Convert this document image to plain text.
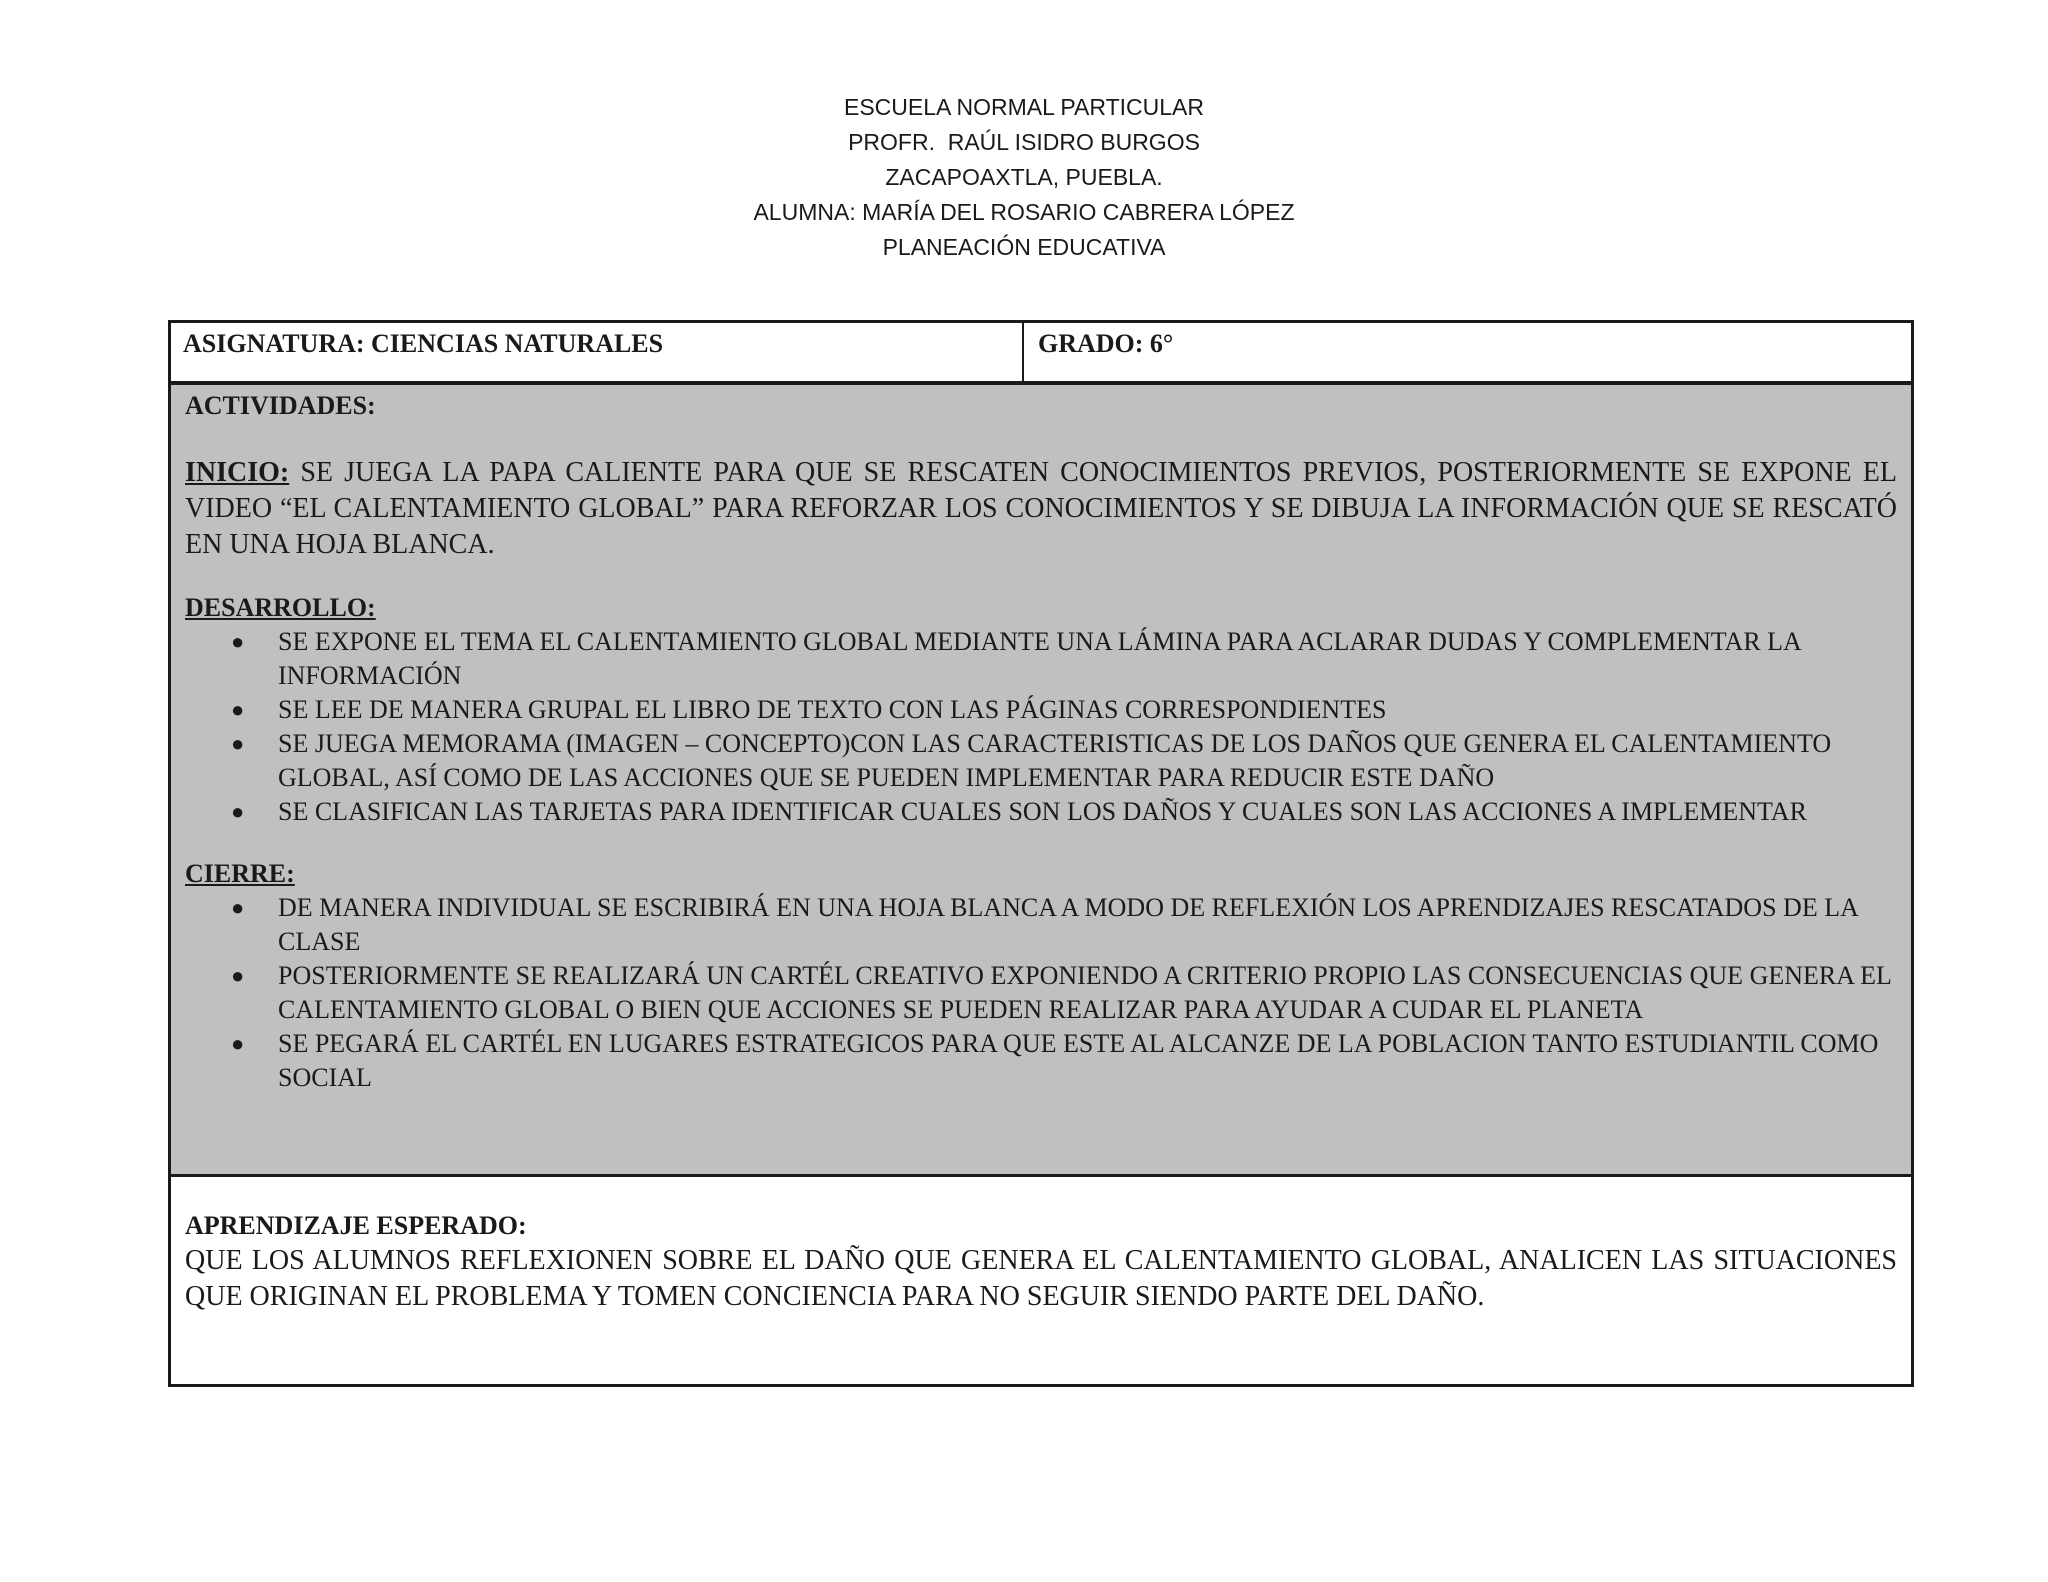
ESCUELA NORMAL PARTICULAR
PROFR.  RAÚL ISIDRO BURGOS
ZACAPOAXTLA, PUEBLA.
ALUMNA: MARÍA DEL ROSARIO CABRERA LÓPEZ
PLANEACIÓN EDUCATIVA
ASIGNATURA: CIENCIAS NATURALES	GRADO: 6°
ACTIVIDADES:
INICIO: SE JUEGA LA PAPA CALIENTE PARA QUE SE RESCATEN CONOCIMIENTOS PREVIOS, POSTERIORMENTE SE EXPONE EL VIDEO “EL CALENTAMIENTO GLOBAL” PARA REFORZAR LOS CONOCIMIENTOS Y SE DIBUJA LA INFORMACIÓN QUE SE RESCATÓ EN UNA HOJA BLANCA.
DESARROLLO:
● SE EXPONE EL TEMA EL CALENTAMIENTO GLOBAL MEDIANTE UNA LÁMINA PARA ACLARAR DUDAS Y COMPLEMENTAR LA INFORMACIÓN
● SE LEE DE MANERA GRUPAL EL LIBRO DE TEXTO CON LAS PÁGINAS CORRESPONDIENTES
● SE JUEGA MEMORAMA (IMAGEN – CONCEPTO)CON LAS CARACTERISTICAS DE LOS DAÑOS QUE GENERA EL CALENTAMIENTO GLOBAL, ASÍ COMO DE LAS ACCIONES QUE SE PUEDEN IMPLEMENTAR PARA REDUCIR ESTE DAÑO
● SE CLASIFICAN LAS TARJETAS PARA IDENTIFICAR CUALES SON LOS DAÑOS Y CUALES SON LAS ACCIONES A IMPLEMENTAR
CIERRE:
● DE MANERA INDIVIDUAL SE ESCRIBIRÁ EN UNA HOJA BLANCA A MODO DE REFLEXIÓN LOS APRENDIZAJES RESCATADOS DE LA CLASE
● POSTERIORMENTE SE REALIZARÁ UN CARTÉL CREATIVO EXPONIENDO A CRITERIO PROPIO LAS CONSECUENCIAS QUE GENERA EL CALENTAMIENTO GLOBAL O BIEN QUE ACCIONES SE PUEDEN REALIZAR PARA AYUDAR A CUDAR EL PLANETA
● SE PEGARÁ EL CARTÉL EN LUGARES ESTRATEGICOS PARA QUE ESTE AL ALCANZE DE LA POBLACION TANTO ESTUDIANTIL COMO SOCIAL
APRENDIZAJE ESPERADO:
QUE LOS ALUMNOS REFLEXIONEN SOBRE EL DAÑO QUE GENERA EL CALENTAMIENTO GLOBAL, ANALICEN LAS SITUACIONES QUE ORIGINAN EL PROBLEMA Y TOMEN CONCIENCIA PARA NO SEGUIR SIENDO PARTE DEL DAÑO.
